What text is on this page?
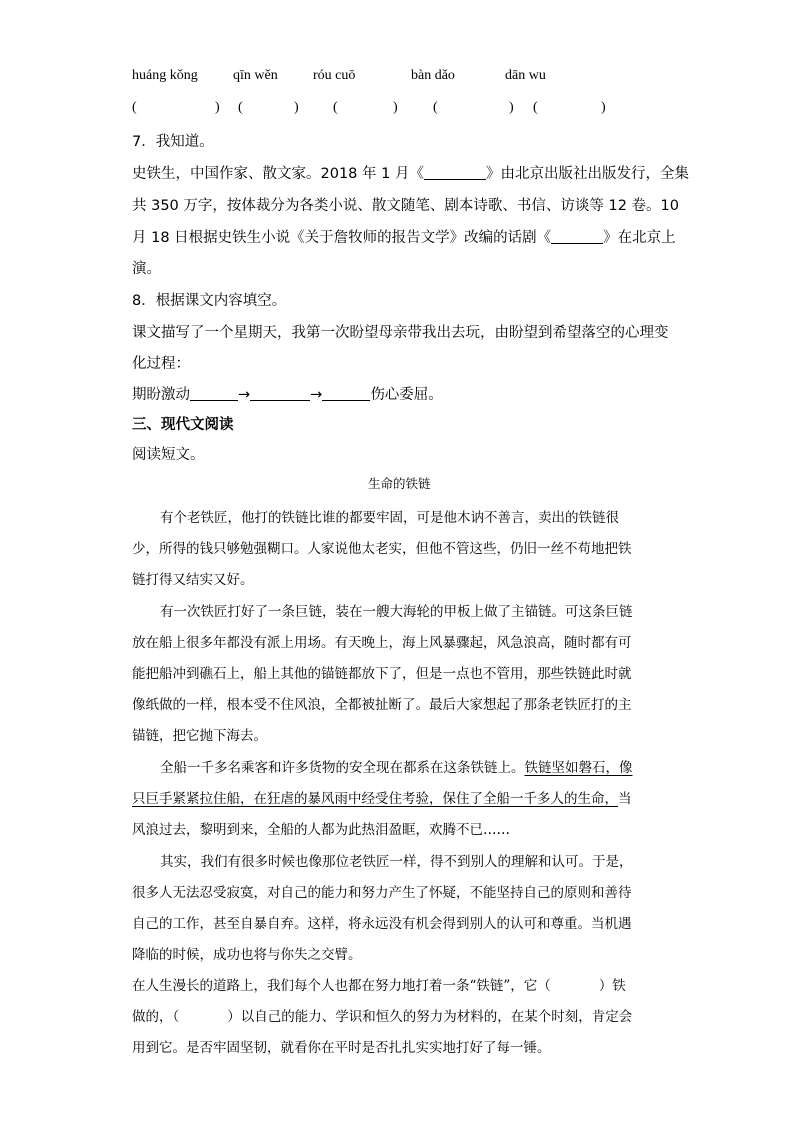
huáng kǒng	qīn wěn	róu cuō	bàn dǎo	dān wu
(	) (	) (	)	(	) (	)
7．我知道。
史铁生，中国作家、散文家。2018 年 1 月《	》由北京出版社出版发行，全集
共 350 万字，按体裁分为各类小说、散文随笔、剧本诗歌、书信、访谈等 12 卷。10
月 18 日根据史铁生小说《关于詹牧师的报告文学》改编的话剧《	》在北京上
演。
8．根据课文内容填空。
课文描写了一个星期天，我第一次盼望母亲带我出去玩，由盼望到希望落空的心理变
化过程：
期盼激动	→	→	伤心委屈。
三、现代文阅读
阅读短文。
生命的铁链
有个老铁匠，他打的铁链比谁的都要牢固，可是他木讷不善言，卖出的铁链很
少，所得的钱只够勉强糊口。人家说他太老实，但他不管这些，仍旧一丝不苟地把铁
链打得又结实又好。
有一次铁匠打好了一条巨链，装在一艘大海轮的甲板上做了主锚链。可这条巨链
放在船上很多年都没有派上用场。有天晚上，海上风暴骤起，风急浪高，随时都有可
能把船冲到礁石上，船上其他的锚链都放下了，但是一点也不管用，那些铁链此时就
像纸做的一样，根本受不住风浪，全都被扯断了。最后大家想起了那条老铁匠打的主
锚链，把它抛下海去。
全船一千多名乘客和许多货物的安全现在都系在这条铁链上。铁链坚如磐石，像
只巨手紧紧拉住船，在狂虐的暴风雨中经受住考验，保住了全船一千多人的生命，当
风浪过去，黎明到来，全船的人都为此热泪盈眶，欢腾不已……
其实，我们有很多时候也像那位老铁匠一样，得不到别人的理解和认可。于是，
很多人无法忍受寂寞，对自己的能力和努力产生了怀疑，不能坚持自己的原则和善待
自己的工作，甚至自暴自弃。这样，将永远没有机会得到别人的认可和尊重。当机遇
降临的时候，成功也将与你失之交臂。
在人生漫长的道路上，我们每个人也都在努力地打着一条“铁链”，它（	）铁
做的，（	）以自己的能力、学识和恒久的努力为材料的，在某个时刻，肯定会
用到它。是否牢固坚韧，就看你在平时是否扎扎实实地打好了每一锤。
